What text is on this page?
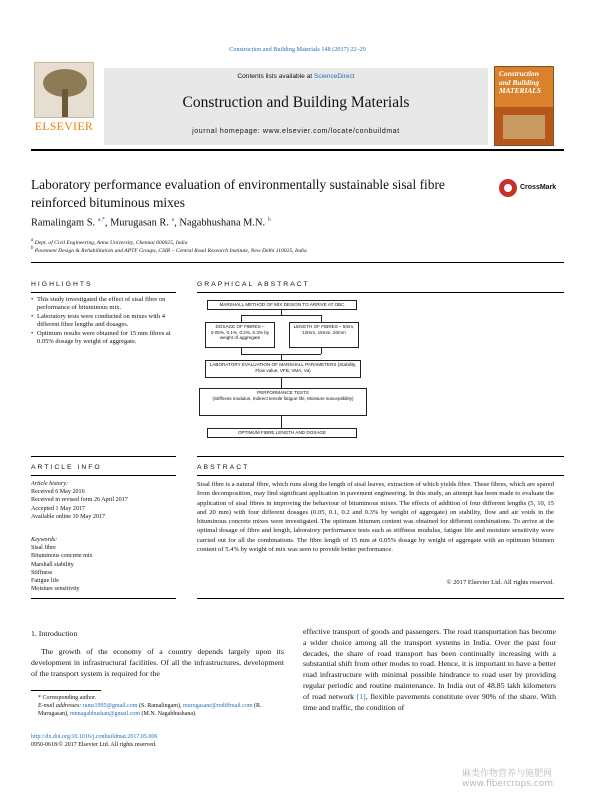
Construction and Building Materials 148 (2017) 22–29
ELSEVIER
Contents lists available at ScienceDirect
Construction and Building Materials
journal homepage: www.elsevier.com/locate/conbuildmat
Construction and Building MATERIALS
Laboratory performance evaluation of environmentally sustainable sisal fibre reinforced bituminous mixes
CrossMark
Ramalingam S. $^{a,*}$, Murugasan R. $^a$, Nagabhushana M.N. $^b$
$^a$ Dept. of Civil Engineering, Anna University, Chennai 600025, India
$^b$ Pavement Design & Rehabilitation and APTF Groups, CSIR – Central Road Research Institute, New Delhi 110025, India
HIGHLIGHTS
• This study investigated the effect of sisal fibre on performance of bituminous mix.
• Laboratory tests were conducted on mixes with 4 different fibre lengths and dosages.
• Optimum results were obtained for 15 mm fibres at 0.05% dosage by weight of aggregate.
GRAPHICAL ABSTRACT
MARSHALL METHOD OF MIX DESIGN TO ARRIVE AT OBC
DOSAGE OF FIBRES – 0.05%, 0.1%, 0.2%, 0.3% by weight of aggregate
LENGTH OF FIBRES – 5mm, 10mm, 15mm, 20mm
LABORATORY EVALUATION OF MARSHALL PARAMETERS (Stability, Flow value, VFB, VMA, Va)
PERFORMANCE TESTS
(Stiffness modulus, Indirect tensile fatigue life, Moisture susceptibility)
OPTIMUM FIBRE LENGTH AND DOSAGE
ARTICLE INFO
Article history:
Received 6 May 2016
Received in revised form 26 April 2017
Accepted 1 May 2017
Available online 10 May 2017
Keywords:
Sisal fibre
Bituminous concrete mix
Marshall stability
Stiffness
Fatigue life
Moisture sensitivity
ABSTRACT
Sisal fibre is a natural fibre, which runs along the length of sisal leaves, extraction of which yields fibre. These fibres, which are spared from decomposition, may find significant application in pavement engineering. In this study, an attempt has been made to evaluate the application of sisal fibres in improving the behaviour of bituminous mixes. The effects of addition of four different lengths (5, 10, 15 and 20 mm) with four different dosages (0.05, 0.1, 0.2 and 0.3% by weight of aggregate) on stability, flow and air voids in the bituminous concrete mixes were investigated. The optimum bitumen content was obtained for different combinations. To arrive at the optimal dosage of fibre and length, laboratory performance tests such as stiffness modulus, fatigue life and moisture sensitivity were carried out for all the combinations. The fibre length of 15 mm at 0.05% dosage by weight of aggregate with an optimum bitumen content of 5.4% by weight of mix was seen to provide better performance.
© 2017 Elsevier Ltd. All rights reserved.
1. Introduction
The growth of the economy of a country depends largely upon its development in infrastructural facilities. Of all the infrastructures, development of the transport system is required for the
effective transport of goods and passengers. The road transportation has become a wider choice among all the transport systems in India. Over the past four decades, the share of road transport has been continually increasing with a substantial shift from other modes to road. Hence, it is important to have a better road infrastructure with minimal possible hindrance to road user by providing regular periodic and routine maintenance. In India out of 48.85 lakh kilometers of road network [1], flexible pavements constitute over 90% of the share. With time and traffic, the condition of
* Corresponding author.
E-mail addresses: rams1995@gmail.com (S. Ramalingam), murugasanr@rediffmail.com (R. Murugasan), mnnagabhushan@gmail.com (M.N. Nagabhushana).
http://dx.doi.org/10.1016/j.conbuildmat.2017.05.006
0950-0618/© 2017 Elsevier Ltd. All rights reserved.
麻类作物营养与施肥网 www.fibercrops.com
